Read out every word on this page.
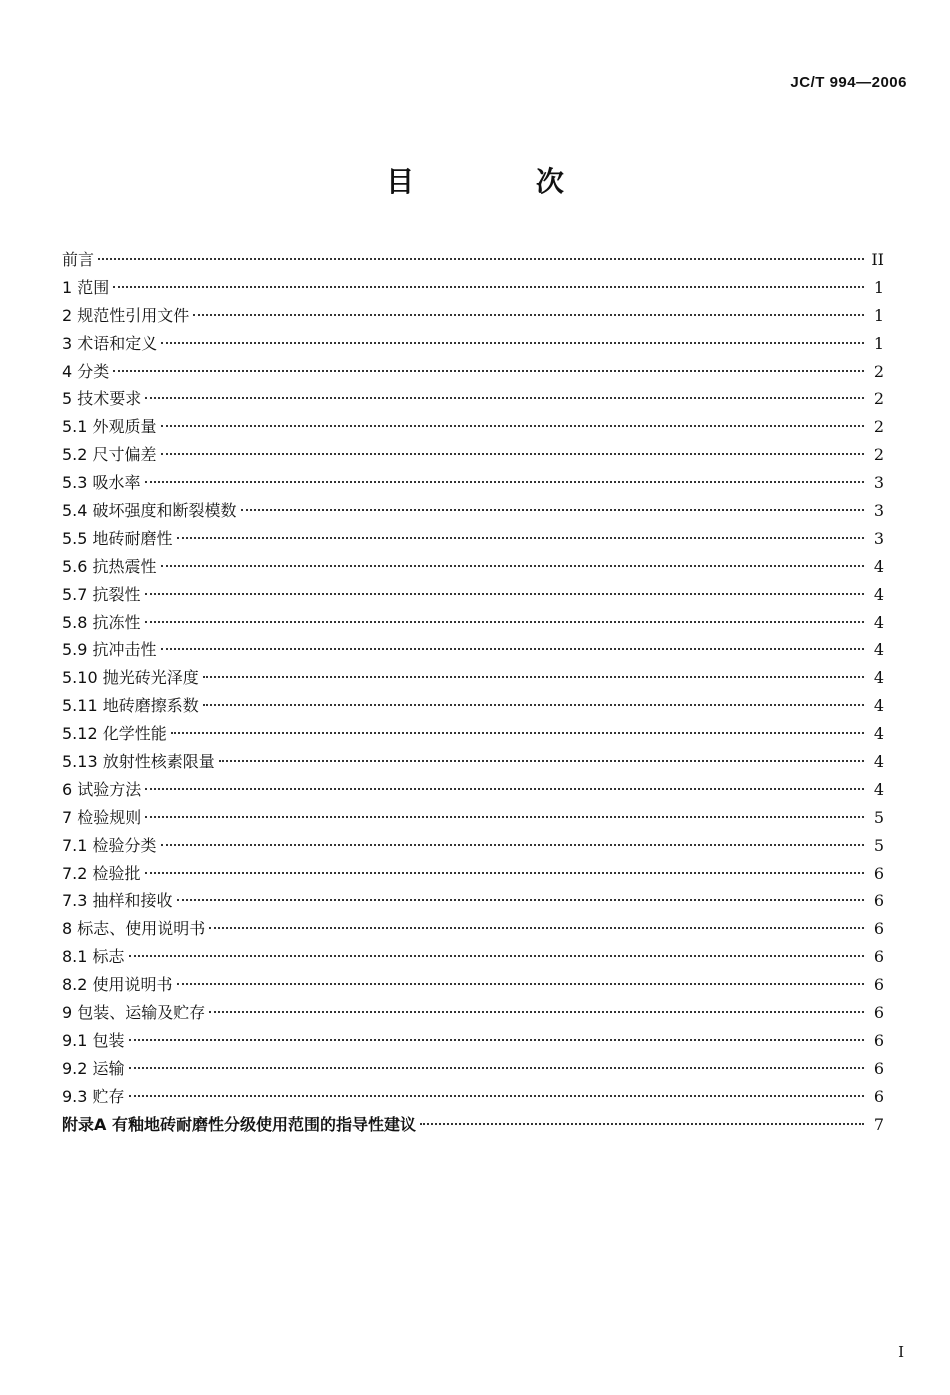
JC/T 994—2006
目 次
前言	II
1 范围	1
2 规范性引用文件	1
3 术语和定义	1
4 分类	2
5 技术要求	2
5.1 外观质量	2
5.2 尺寸偏差	2
5.3 吸水率	3
5.4 破坏强度和断裂模数	3
5.5 地砖耐磨性	3
5.6 抗热震性	4
5.7 抗裂性	4
5.8 抗冻性	4
5.9 抗冲击性	4
5.10 抛光砖光泽度	4
5.11 地砖磨擦系数	4
5.12 化学性能	4
5.13 放射性核素限量	4
6 试验方法	4
7 检验规则	5
7.1 检验分类	5
7.2 检验批	6
7.3 抽样和接收	6
8 标志、使用说明书	6
8.1 标志	6
8.2 使用说明书	6
9 包装、运输及贮存	6
9.1 包装	6
9.2 运输	6
9.3 贮存	6
附录A 有釉地砖耐磨性分级使用范围的指导性建议	7
I
